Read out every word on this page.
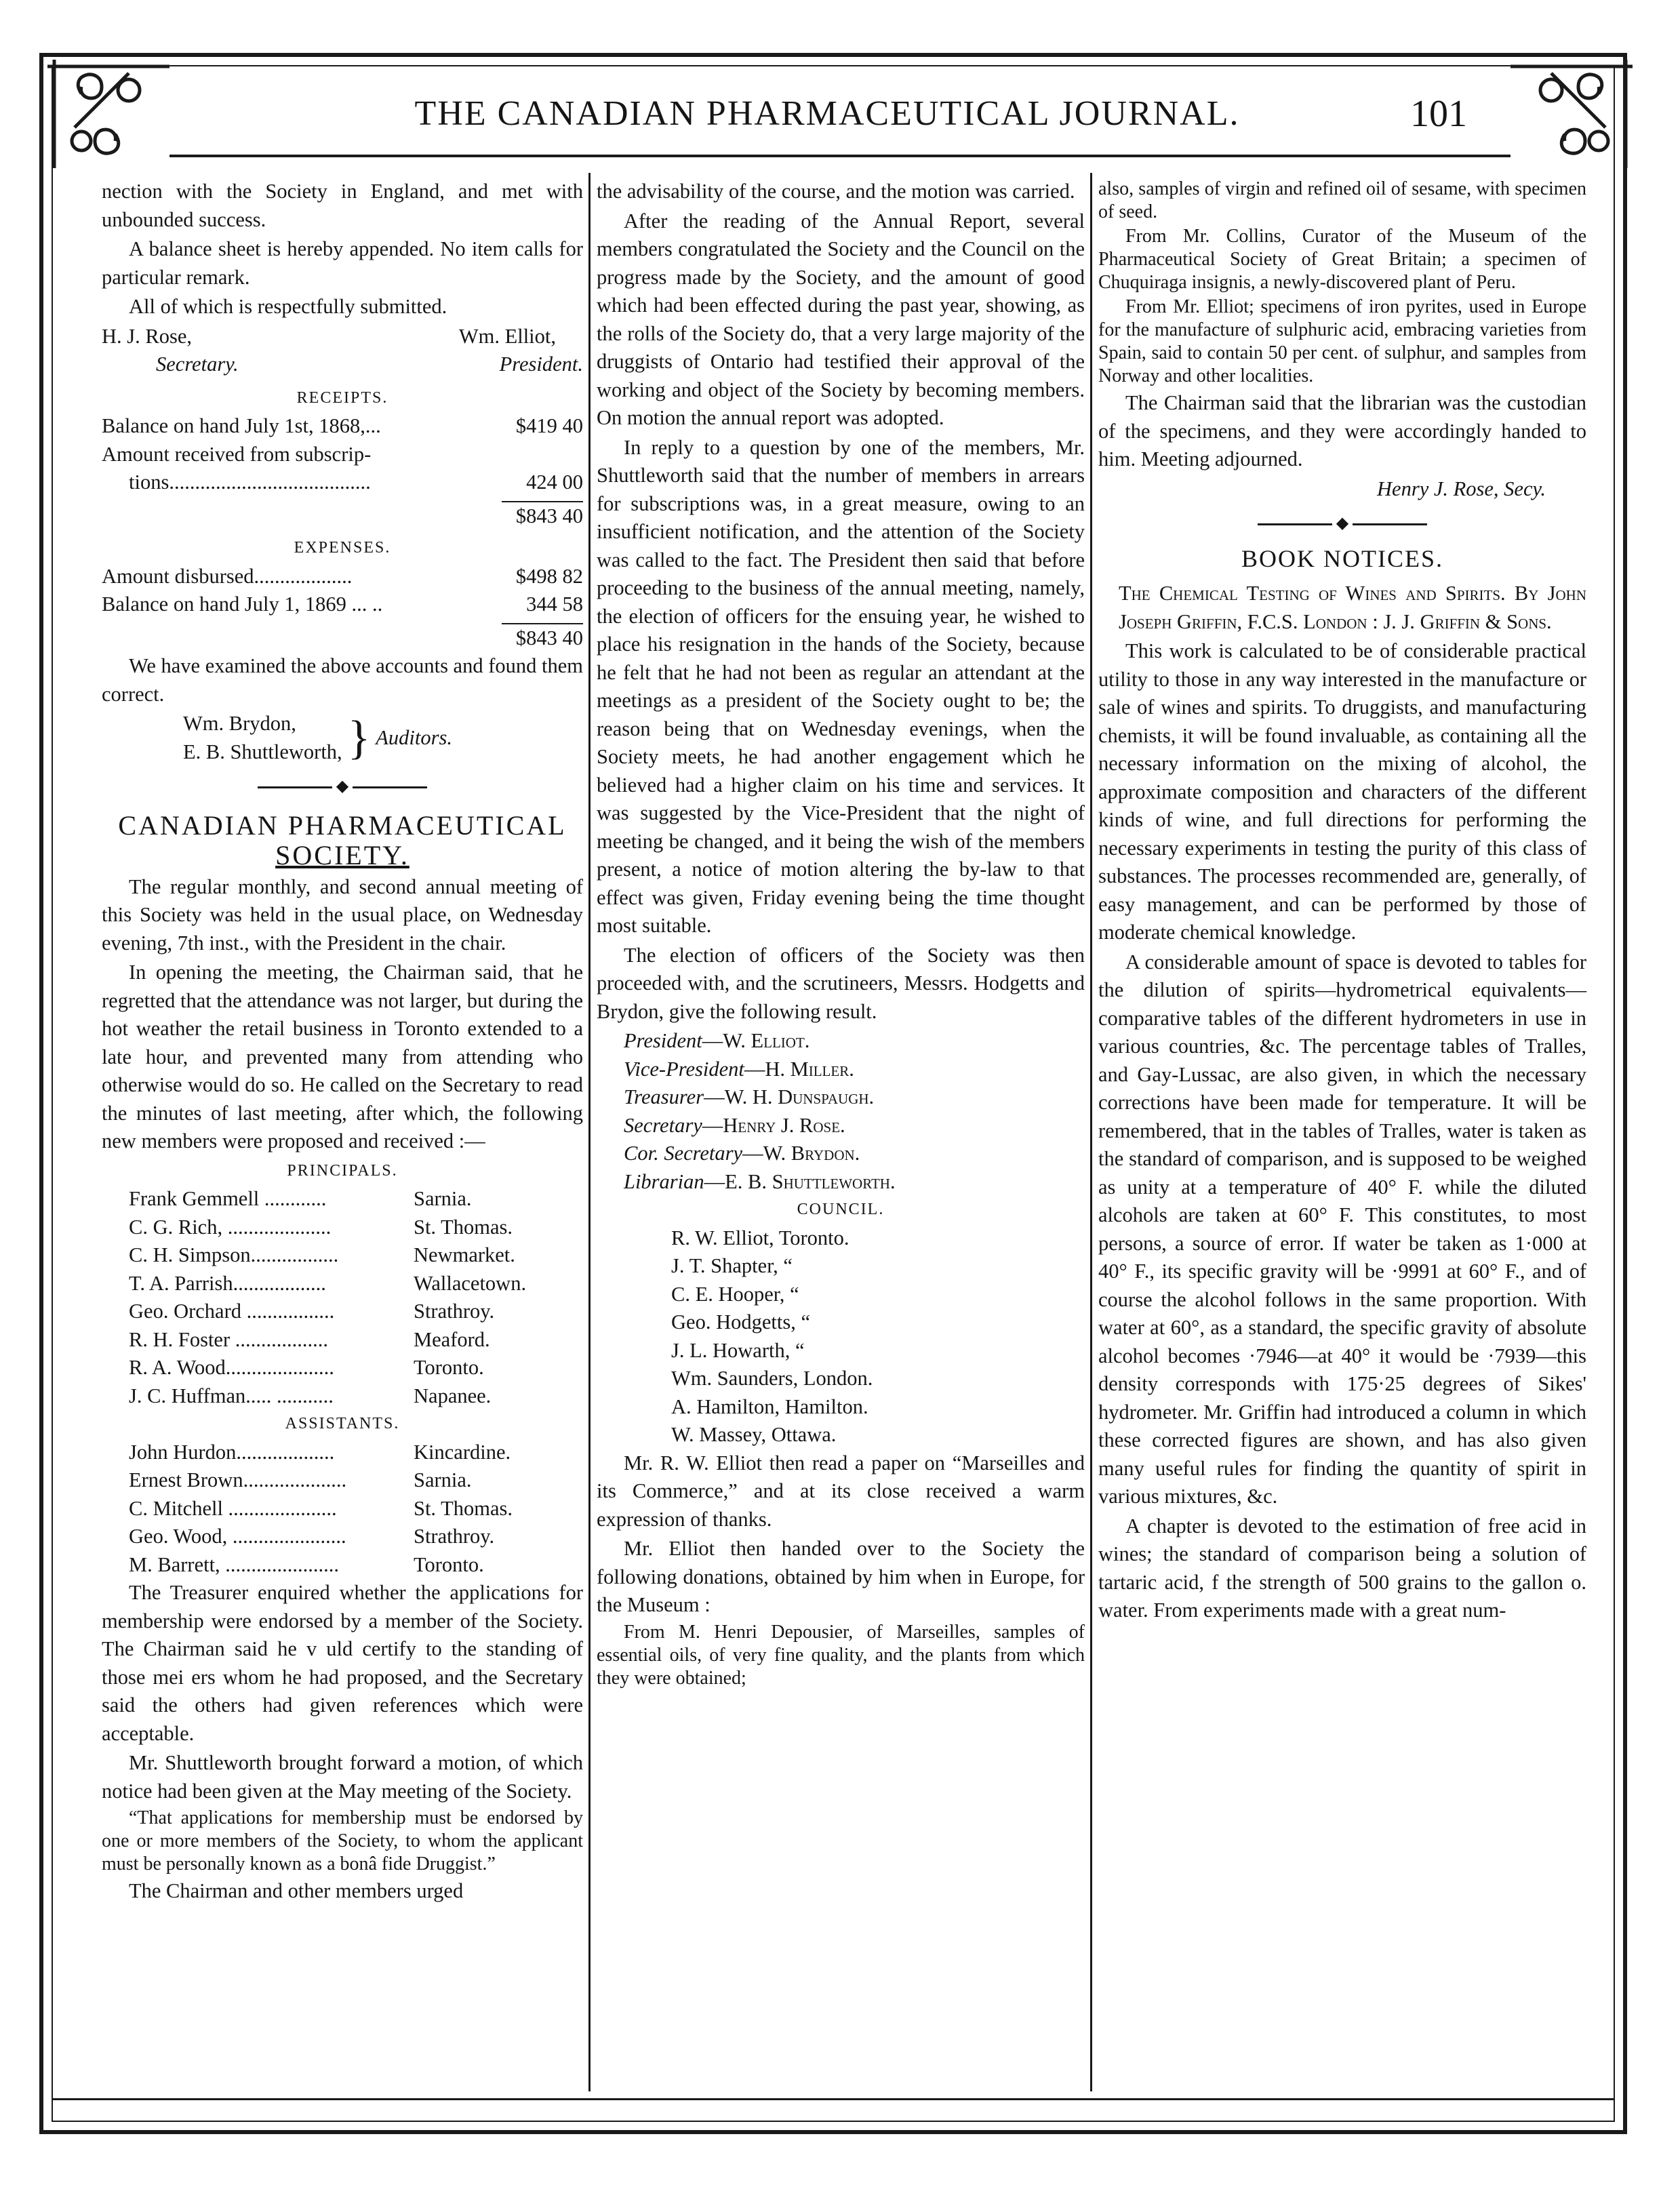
THE CANADIAN PHARMACEUTICAL JOURNAL.	101

nection with the Society in England, and met with unbounded success.

A balance sheet is hereby appended. No item calls for particular remark.

All of which is respectfully submitted.

H. J. Rose,
Secretary.
Wm. Elliot,
President.
RECEIPTS.
Balance on hand July 1st, 1868,...	$419 40
Amount received from subscrip-
tions.......................................	424 00
$843 40
EXPENSES.
Amount disbursed...................	$498 82
Balance on hand July 1, 1869 ... ..	344 58
$843 40

We have examined the above accounts and found them correct.

Wm. Brydon,
E. B. Shuttleworth, } Auditors.
◆
CANADIAN PHARMACEUTICAL
SOCIETY.

The regular monthly, and second annual meeting of this Society was held in the usual place, on Wednesday evening, 7th inst., with the President in the chair.

In opening the meeting, the Chairman said, that he regretted that the attendance was not larger, but during the hot weather the retail business in Toronto extended to a late hour, and prevented many from attending who otherwise would do so. He called on the Secretary to read the minutes of last meeting, after which, the following new members were proposed and received :—

PRINCIPALS.
Frank Gemmell ............	Sarnia.
C. G. Rich, ....................	St. Thomas.
C. H. Simpson.................	Newmarket.
T. A. Parrish..................	Wallacetown.
Geo. Orchard .................	Strathroy.
R. H. Foster ..................	Meaford.
R. A. Wood.....................	Toronto.
J. C. Huffman..... ...........	Napanee.
ASSISTANTS.
John Hurdon...................	Kincardine.
Ernest Brown....................	Sarnia.
C. Mitchell .....................	St. Thomas.
Geo. Wood, ......................	Strathroy.
M. Barrett, ......................	Toronto.

The Treasurer enquired whether the applications for membership were endorsed by a member of the Society. The Chairman said he v uld certify to the standing of those mei ers whom he had proposed, and the Secretary said the others had given references which were acceptable.

Mr. Shuttleworth brought forward a motion, of which notice had been given at the May meeting of the Society.

“That applications for membership must be endorsed by one or more members of the Society, to whom the applicant must be personally known as a bonâ fide Druggist.”

The Chairman and other members urged

the advisability of the course, and the motion was carried.

After the reading of the Annual Report, several members congratulated the Society and the Council on the progress made by the Society, and the amount of good which had been effected during the past year, showing, as the rolls of the Society do, that a very large majority of the druggists of Ontario had testified their approval of the working and object of the Society by becoming members. On motion the annual report was adopted.

In reply to a question by one of the members, Mr. Shuttleworth said that the number of members in arrears for subscriptions was, in a great measure, owing to an insufficient notification, and the attention of the Society was called to the fact. The President then said that before proceeding to the business of the annual meeting, namely, the election of officers for the ensuing year, he wished to place his resignation in the hands of the Society, because he felt that he had not been as regular an attendant at the meetings as a president of the Society ought to be; the reason being that on Wednesday evenings, when the Society meets, he had another engagement which he believed had a higher claim on his time and services. It was suggested by the Vice-President that the night of meeting be changed, and it being the wish of the members present, a notice of motion altering the by-law to that effect was given, Friday evening being the time thought most suitable.

The election of officers of the Society was then proceeded with, and the scrutineers, Messrs. Hodgetts and Brydon, give the following result.

President—W. Elliot.
Vice-President—H. Miller.
Treasurer—W. H. Dunspaugh.
Secretary—Henry J. Rose.
Cor. Secretary—W. Brydon.
Librarian—E. B. Shuttleworth.
COUNCIL.
R. W. Elliot, Toronto.
J. T. Shapter, “
C. E. Hooper, “
Geo. Hodgetts, “
J. L. Howarth, “
Wm. Saunders, London.
A. Hamilton, Hamilton.
W. Massey, Ottawa.

Mr. R. W. Elliot then read a paper on “Marseilles and its Commerce,” and at its close received a warm expression of thanks.

Mr. Elliot then handed over to the Society the following donations, obtained by him when in Europe, for the Museum :

From M. Henri Depousier, of Marseilles, samples of essential oils, of very fine quality, and the plants from which they were obtained;

also, samples of virgin and refined oil of sesame, with specimen of seed.

From Mr. Collins, Curator of the Museum of the Pharmaceutical Society of Great Britain; a specimen of Chuquiraga insignis, a newly-discovered plant of Peru.

From Mr. Elliot; specimens of iron pyrites, used in Europe for the manufacture of sulphuric acid, embracing varieties from Spain, said to contain 50 per cent. of sulphur, and samples from Norway and other localities.

The Chairman said that the librarian was the custodian of the specimens, and they were accordingly handed to him. Meeting adjourned.

Henry J. Rose, Secy.
◆
BOOK NOTICES.

The Chemical Testing of Wines and Spirits. By John Joseph Griffin, F.C.S. London : J. J. Griffin & Sons.

This work is calculated to be of considerable practical utility to those in any way interested in the manufacture or sale of wines and spirits. To druggists, and manufacturing chemists, it will be found invaluable, as containing all the necessary information on the mixing of alcohol, the approximate composition and characters of the different kinds of wine, and full directions for performing the necessary experiments in testing the purity of this class of substances. The processes recommended are, generally, of easy management, and can be performed by those of moderate chemical knowledge.

A considerable amount of space is devoted to tables for the dilution of spirits—hydrometrical equivalents—comparative tables of the different hydrometers in use in various countries, &c. The percentage tables of Tralles, and Gay-Lussac, are also given, in which the necessary corrections have been made for temperature. It will be remembered, that in the tables of Tralles, water is taken as the standard of comparison, and is supposed to be weighed as unity at a temperature of 40° F. while the diluted alcohols are taken at 60° F. This constitutes, to most persons, a source of error. If water be taken as 1·000 at 40° F., its specific gravity will be ·9991 at 60° F., and of course the alcohol follows in the same proportion. With water at 60°, as a standard, the specific gravity of absolute alcohol becomes ·7946—at 40° it would be ·7939—this density corresponds with 175·25 degrees of Sikes' hydrometer. Mr. Griffin had introduced a column in which these corrected figures are shown, and has also given many useful rules for finding the quantity of spirit in various mixtures, &c.

A chapter is devoted to the estimation of free acid in wines; the standard of comparison being a solution of tartaric acid, f the strength of 500 grains to the gallon o. water. From experiments made with a great num-
